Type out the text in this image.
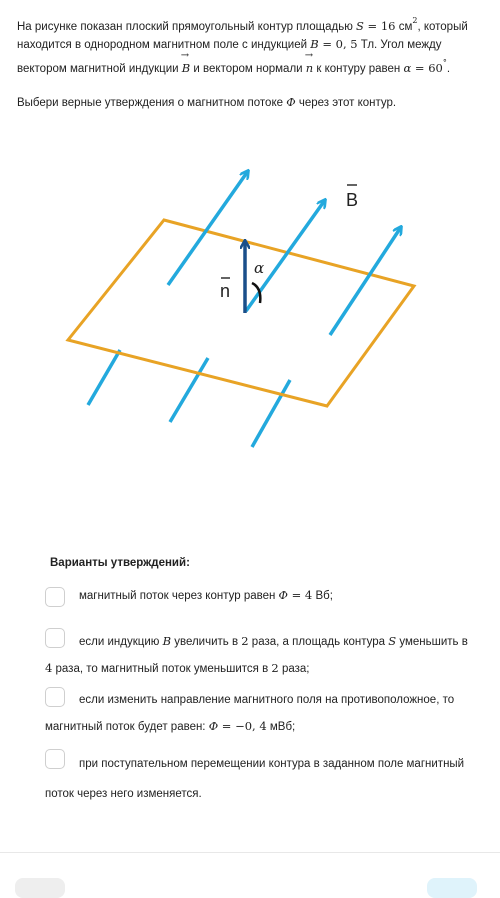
На рисунке показан плоский прямоугольный контур площадью S = 16 $см^2$, который находится в однородном магнитном поле с индукцией B = 0, 5 Тл. Угол между вектором магнитной индукции → B и вектором нормали → n к контуру равен α = 60°.

Выбери верные утверждения о магнитном потоке Φ через этот контур.

B
n
α
Варианты утверждений:
магнитный поток через контур равен Φ = 4 Вб;
если индукцию B увеличить в 2 раза, а площадь контура S уменьшить в 4 раза, то магнитный поток уменьшится в 2 раза;
если изменить направление магнитного поля на противоположное, то магнитный поток будет равен: Φ = −0, 4 мВб;
при поступательном перемещении контура в заданном поле магнитный поток через него изменяется.
